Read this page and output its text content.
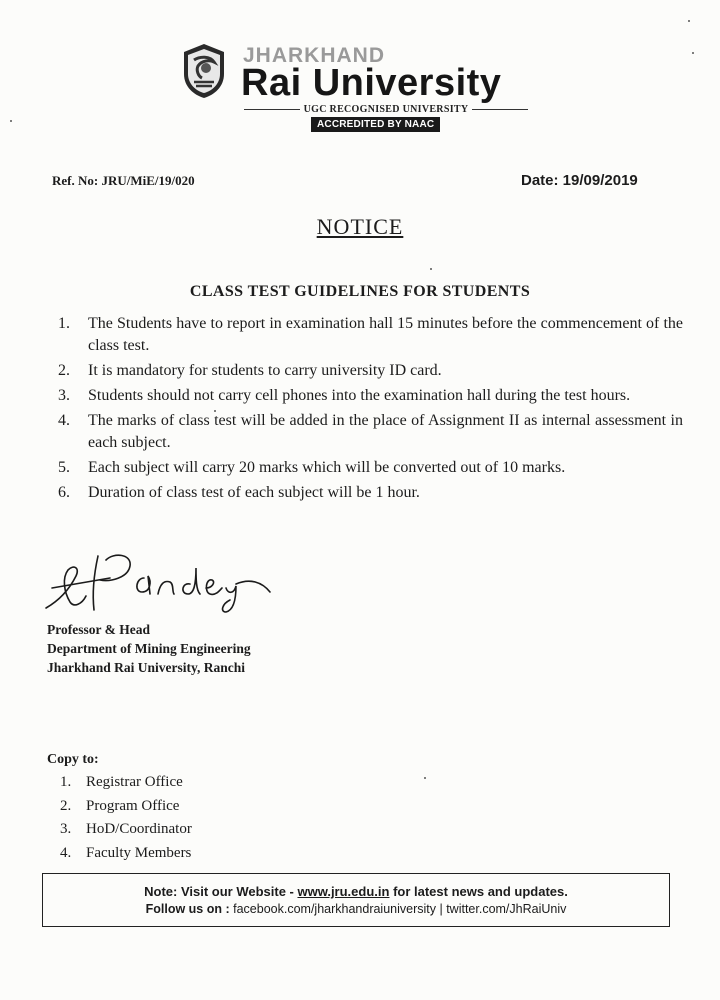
JHARKHAND
Rai University
UGC RECOGNISED UNIVERSITY
ACCREDITED BY NAAC
Ref. No: JRU/MiE/19/020	Date: 19/09/2019
NOTICE
CLASS TEST GUIDELINES FOR STUDENTS
1.	The Students have to report in examination hall 15 minutes before the commencement of the class test.
2.	It is mandatory for students to carry university ID card.
3.	Students should not carry cell phones into the examination hall during the test hours.
4.	The marks of class test will be added in the place of Assignment II as internal assessment in each subject.
5.	Each subject will carry 20 marks which will be converted out of 10 marks.
6.	Duration of class test of each subject will be 1 hour.
Professor & Head
Department of Mining Engineering
Jharkhand Rai University, Ranchi
Copy to:
1. Registrar Office
2. Program Office
3. HoD/Coordinator
4. Faculty Members
Note: Visit our Website - www.jru.edu.in for latest news and updates.
Follow us on : facebook.com/jharkhandraiuniversity | twitter.com/JhRaiUniv
